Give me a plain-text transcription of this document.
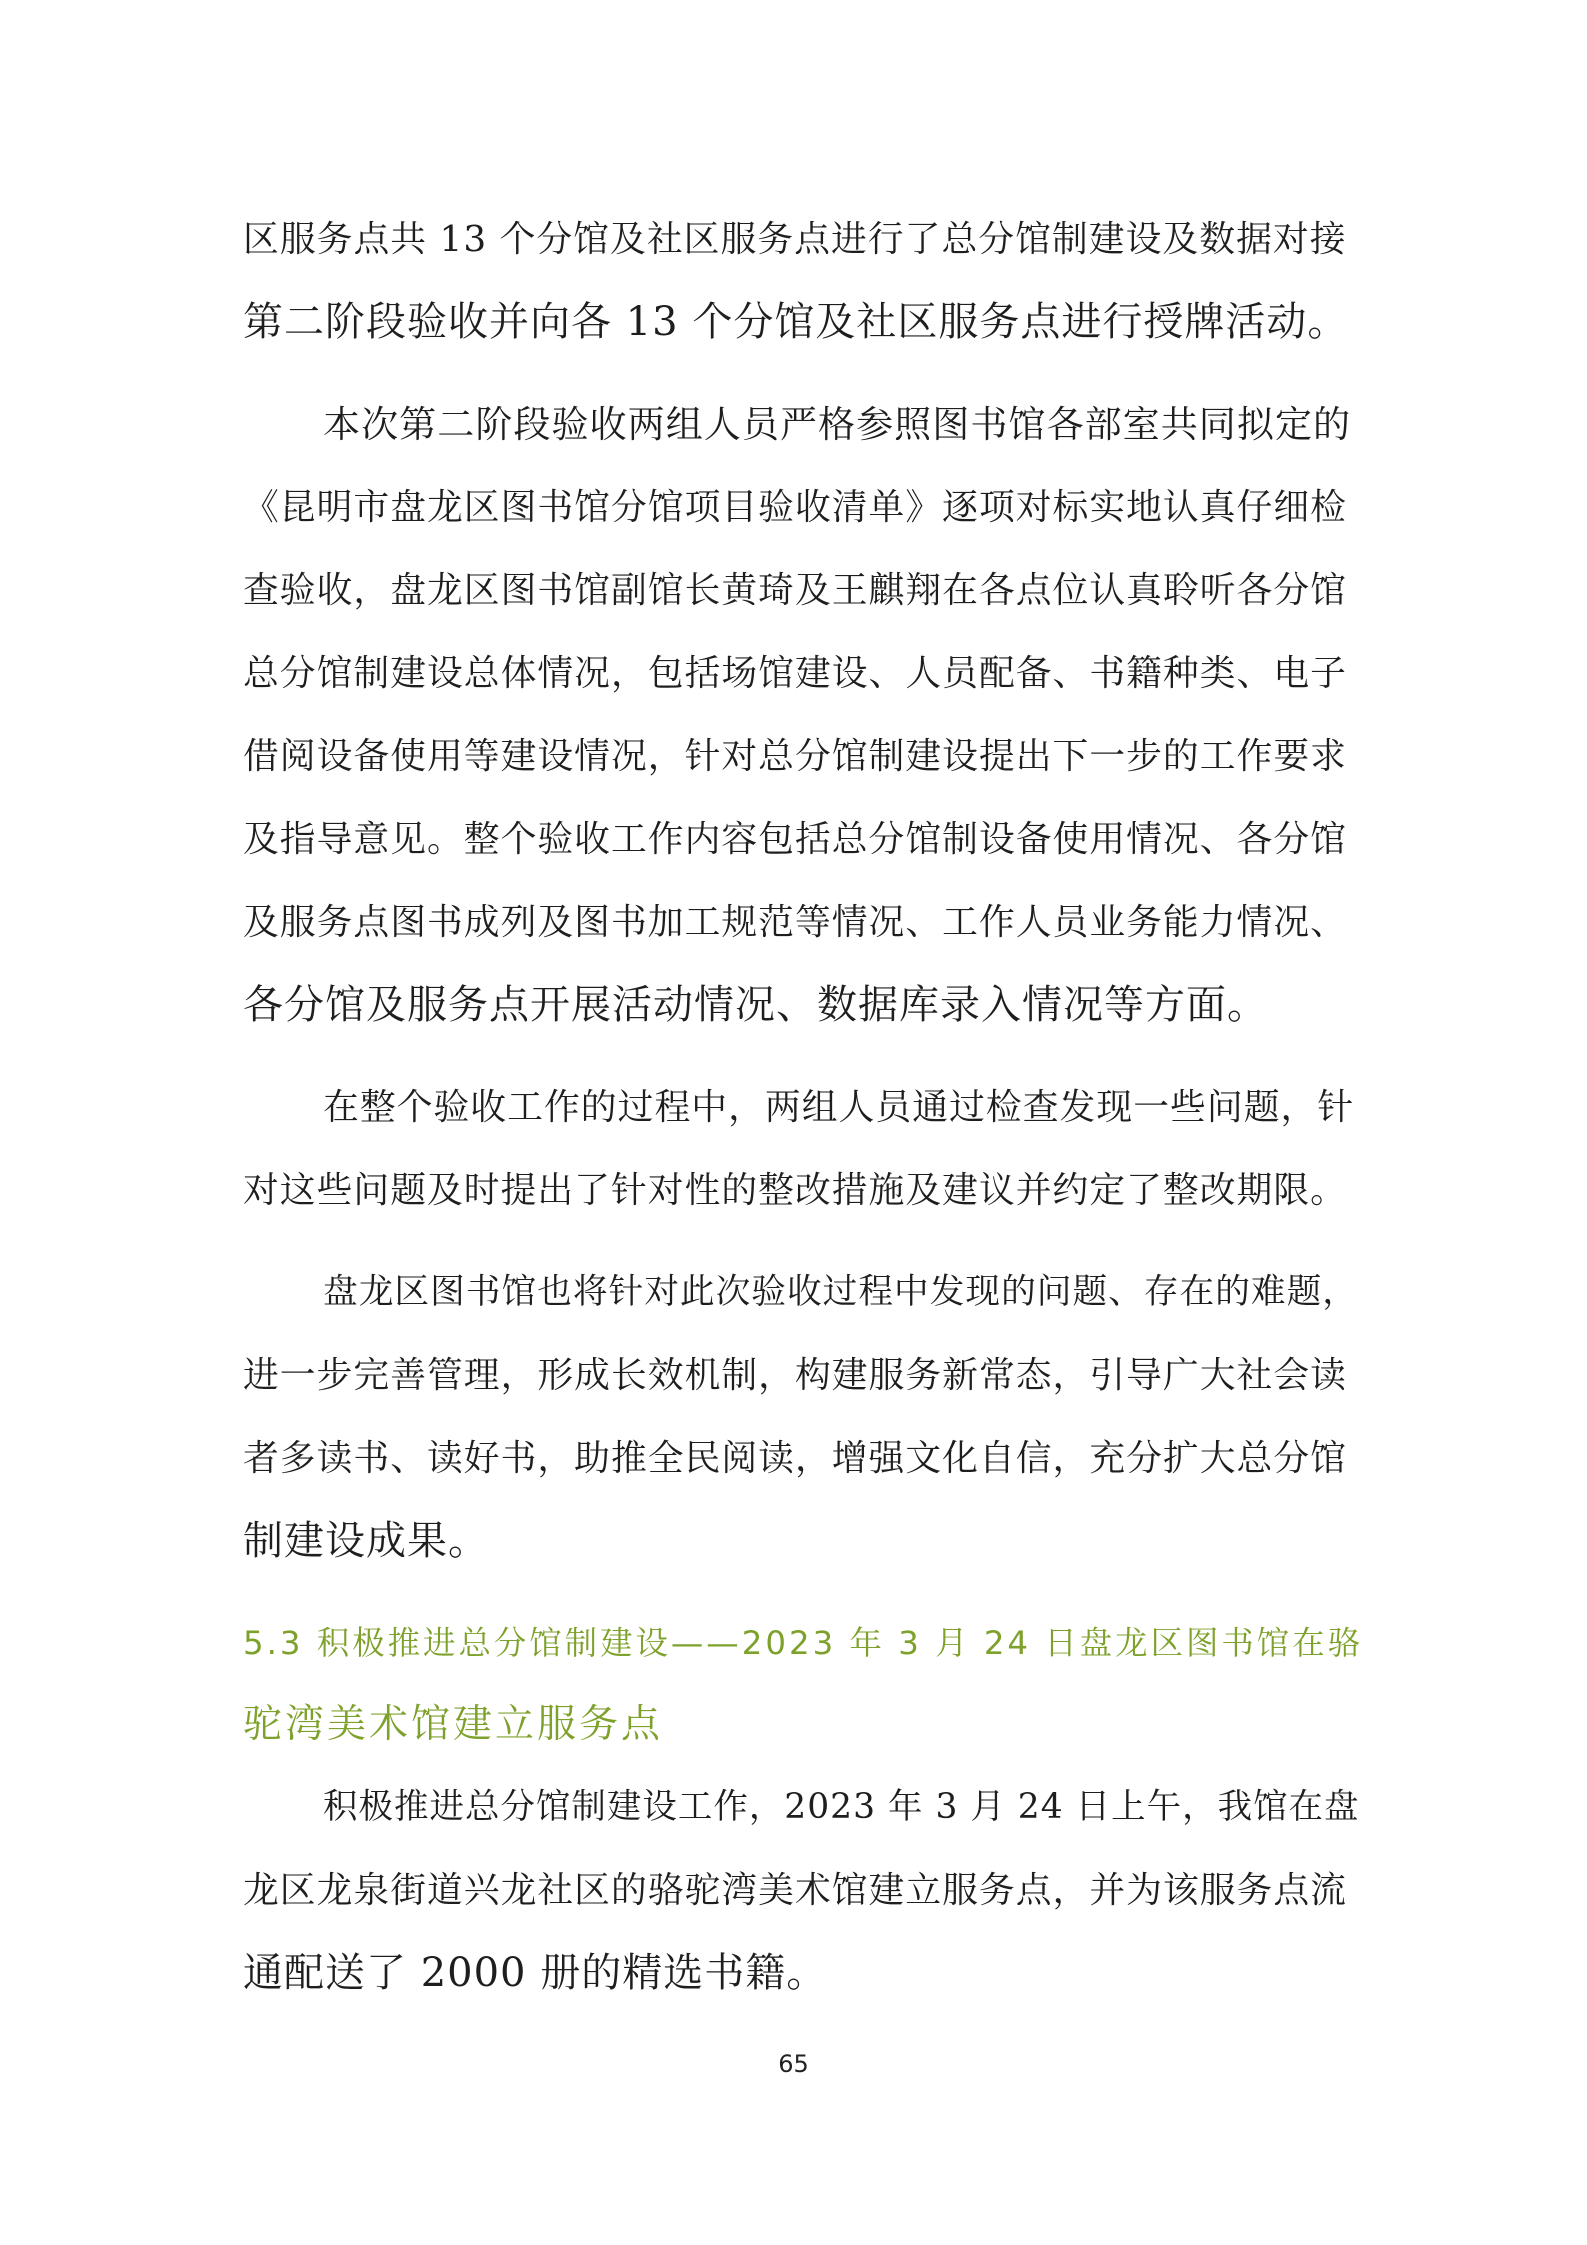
区服务点共 13 个分馆及社区服务点进行了总分馆制建设及数据对接
第二阶段验收并向各 13 个分馆及社区服务点进行授牌活动。

本次第二阶段验收两组人员严格参照图书馆各部室共同拟定的
《昆明市盘龙区图书馆分馆项目验收清单》逐项对标实地认真仔细检
查验收，盘龙区图书馆副馆长黄琦及王麒翔在各点位认真聆听各分馆
总分馆制建设总体情况，包括场馆建设、人员配备、书籍种类、电子
借阅设备使用等建设情况，针对总分馆制建设提出下一步的工作要求
及指导意见。整个验收工作内容包括总分馆制设备使用情况、各分馆
及服务点图书成列及图书加工规范等情况、工作人员业务能力情况、
各分馆及服务点开展活动情况、数据库录入情况等方面。

在整个验收工作的过程中，两组人员通过检查发现一些问题，针
对这些问题及时提出了针对性的整改措施及建议并约定了整改期限。

盘龙区图书馆也将针对此次验收过程中发现的问题、存在的难题，
进一步完善管理，形成长效机制，构建服务新常态，引导广大社会读
者多读书、读好书，助推全民阅读，增强文化自信，充分扩大总分馆
制建设成果。

5.3 积极推进总分馆制建设——2023 年 3 月 24 日盘龙区图书馆在骆
驼湾美术馆建立服务点

积极推进总分馆制建设工作，2023 年 3 月 24 日上午，我馆在盘
龙区龙泉街道兴龙社区的骆驼湾美术馆建立服务点，并为该服务点流
通配送了 2000 册的精选书籍。

65
